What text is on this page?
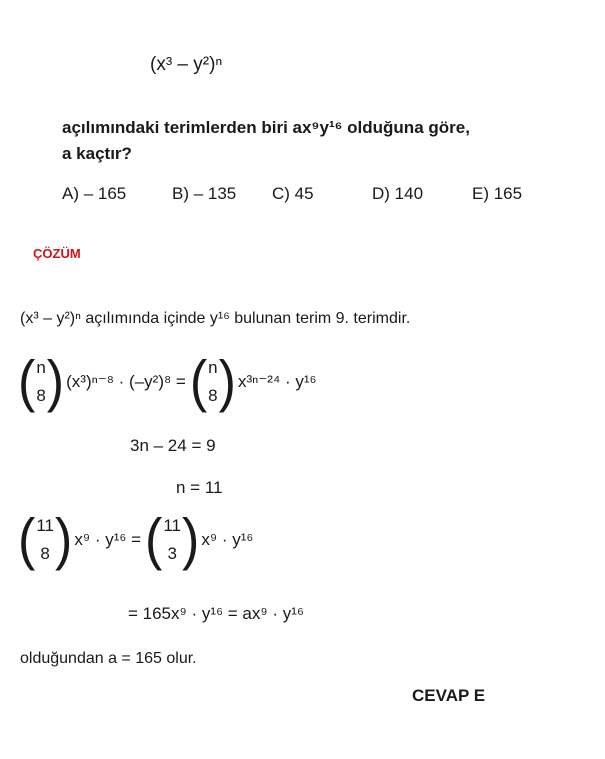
(x³ – y²)ⁿ
açılımındaki terimlerden biri ax⁹y¹⁶ olduğuna göre,
a kaçtır?
A) – 165	B) – 135 C) 45	D) 140	E) 165
ÇÖZÜM
(x³ – y²)ⁿ açılımında içinde y¹⁶ bulunan terim 9. terimdir.
( n
8 ) (x³)ⁿ⁻⁸ · (–y²)⁸ = ( n
8 ) x³ⁿ⁻²⁴ · y¹⁶
3n – 24 = 9
n = 11
( 11
8 ) x⁹ · y¹⁶ = ( 11
3 ) x⁹ · y¹⁶
= 165x⁹ · y¹⁶ = ax⁹ · y¹⁶
olduğundan a = 165 olur.
CEVAP E
